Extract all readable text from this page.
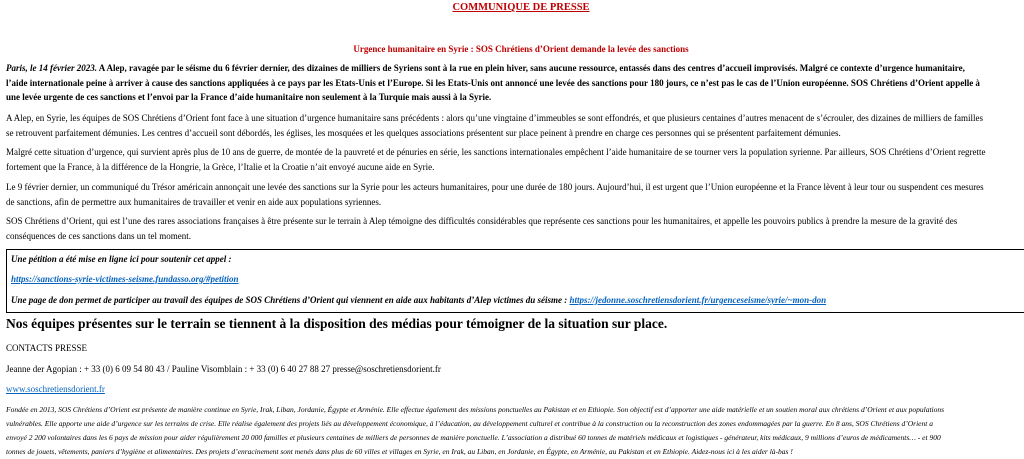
COMMUNIQUE DE PRESSE
Urgence humanitaire en Syrie : SOS Chrétiens d’Orient demande la levée des sanctions
Paris, le 14 février 2023. A Alep, ravagée par le séisme du 6 février dernier, des dizaines de milliers de Syriens sont à la rue en plein hiver, sans aucune ressource, entassés dans des centres d’accueil improvisés. Malgré ce contexte d’urgence humanitaire,
l’aide internationale peine à arriver à cause des sanctions appliquées à ce pays par les Etats-Unis et l’Europe. Si les Etats-Unis ont annoncé une levée des sanctions pour 180 jours, ce n’est pas le cas de l’Union européenne. SOS Chrétiens d’Orient appelle à
une levée urgente de ces sanctions et l’envoi par la France d’aide humanitaire non seulement à la Turquie mais aussi à la Syrie.
A Alep, en Syrie, les équipes de SOS Chrétiens d’Orient font face à une situation d’urgence humanitaire sans précédents : alors qu’une vingtaine d’immeubles se sont effondrés, et que plusieurs centaines d’autres menacent de s’écrouler, des dizaines de milliers de familles
se retrouvent parfaitement démunies. Les centres d’accueil sont débordés, les églises, les mosquées et les quelques associations présentent sur place peinent à prendre en charge ces personnes qui se présentent parfaitement démunies.
Malgré cette situation d’urgence, qui survient après plus de 10 ans de guerre, de montée de la pauvreté et de pénuries en série, les sanctions internationales empêchent l’aide humanitaire de se tourner vers la population syrienne. Par ailleurs, SOS Chrétiens d’Orient regrette
fortement que la France, à la différence de la Hongrie, la Grèce, l’Italie et la Croatie n’ait envoyé aucune aide en Syrie.
Le 9 février dernier, un communiqué du Trésor américain annonçait une levée des sanctions sur la Syrie pour les acteurs humanitaires, pour une durée de 180 jours. Aujourd’hui, il est urgent que l’Union européenne et la France lèvent à leur tour ou suspendent ces mesures
de sanctions, afin de permettre aux humanitaires de travailler et venir en aide aux populations syriennes.
SOS Chrétiens d’Orient, qui est l’une des rares associations françaises à être présente sur le terrain à Alep témoigne des difficultés considérables que représente ces sanctions pour les humanitaires, et appelle les pouvoirs publics à prendre la mesure de la gravité des
conséquences de ces sanctions dans un tel moment.
Une pétition a été mise en ligne ici pour soutenir cet appel :
https://sanctions-syrie-victimes-seisme.fundasso.org/#petition
Une page de don permet de participer au travail des équipes de SOS Chrétiens d’Orient qui viennent en aide aux habitants d’Alep victimes du séisme : https://jedonne.soschretiensdorient.fr/urgenceseisme/syrie/~mon-don
Nos équipes présentes sur le terrain se tiennent à la disposition des médias pour témoigner de la situation sur place.
CONTACTS PRESSE
Jeanne der Agopian : + 33 (0) 6 09 54 80 43 / Pauline Visomblain : + 33 (0) 6 40 27 88 27 presse@soschretiensdorient.fr
www.soschretiensdorient.fr
Fondée en 2013, SOS Chrétiens d’Orient est présente de manière continue en Syrie, Irak, Liban, Jordanie, Égypte et Arménie. Elle effectue également des missions ponctuelles au Pakistan et en Ethiopie. Son objectif est d’apporter une aide matérielle et un soutien moral aux chrétiens d’Orient et aux populations
vulnérables. Elle apporte une aide d’urgence sur les terrains de crise. Elle réalise également des projets liés au développement économique, à l’éducation, au développement culturel et contribue à la construction ou la reconstruction des zones endommagées par la guerre. En 8 ans, SOS Chrétiens d’Orient a
envoyé 2 200 volontaires dans les 6 pays de mission pour aider régulièrement 20 000 familles et plusieurs centaines de milliers de personnes de manière ponctuelle. L’association a distribué 60 tonnes de matériels médicaux et logistiques - générateur, kits médicaux, 9 millions d’euros de médicaments… - et 900
tonnes de jouets, vêtements, paniers d’hygiène et alimentaires. Des projets d’enracinement sont menés dans plus de 60 villes et villages en Syrie, en Irak, au Liban, en Jordanie, en Égypte, en Arménie, au Pakistan et en Ethiopie. Aidez-nous ici à les aider là-bas !
